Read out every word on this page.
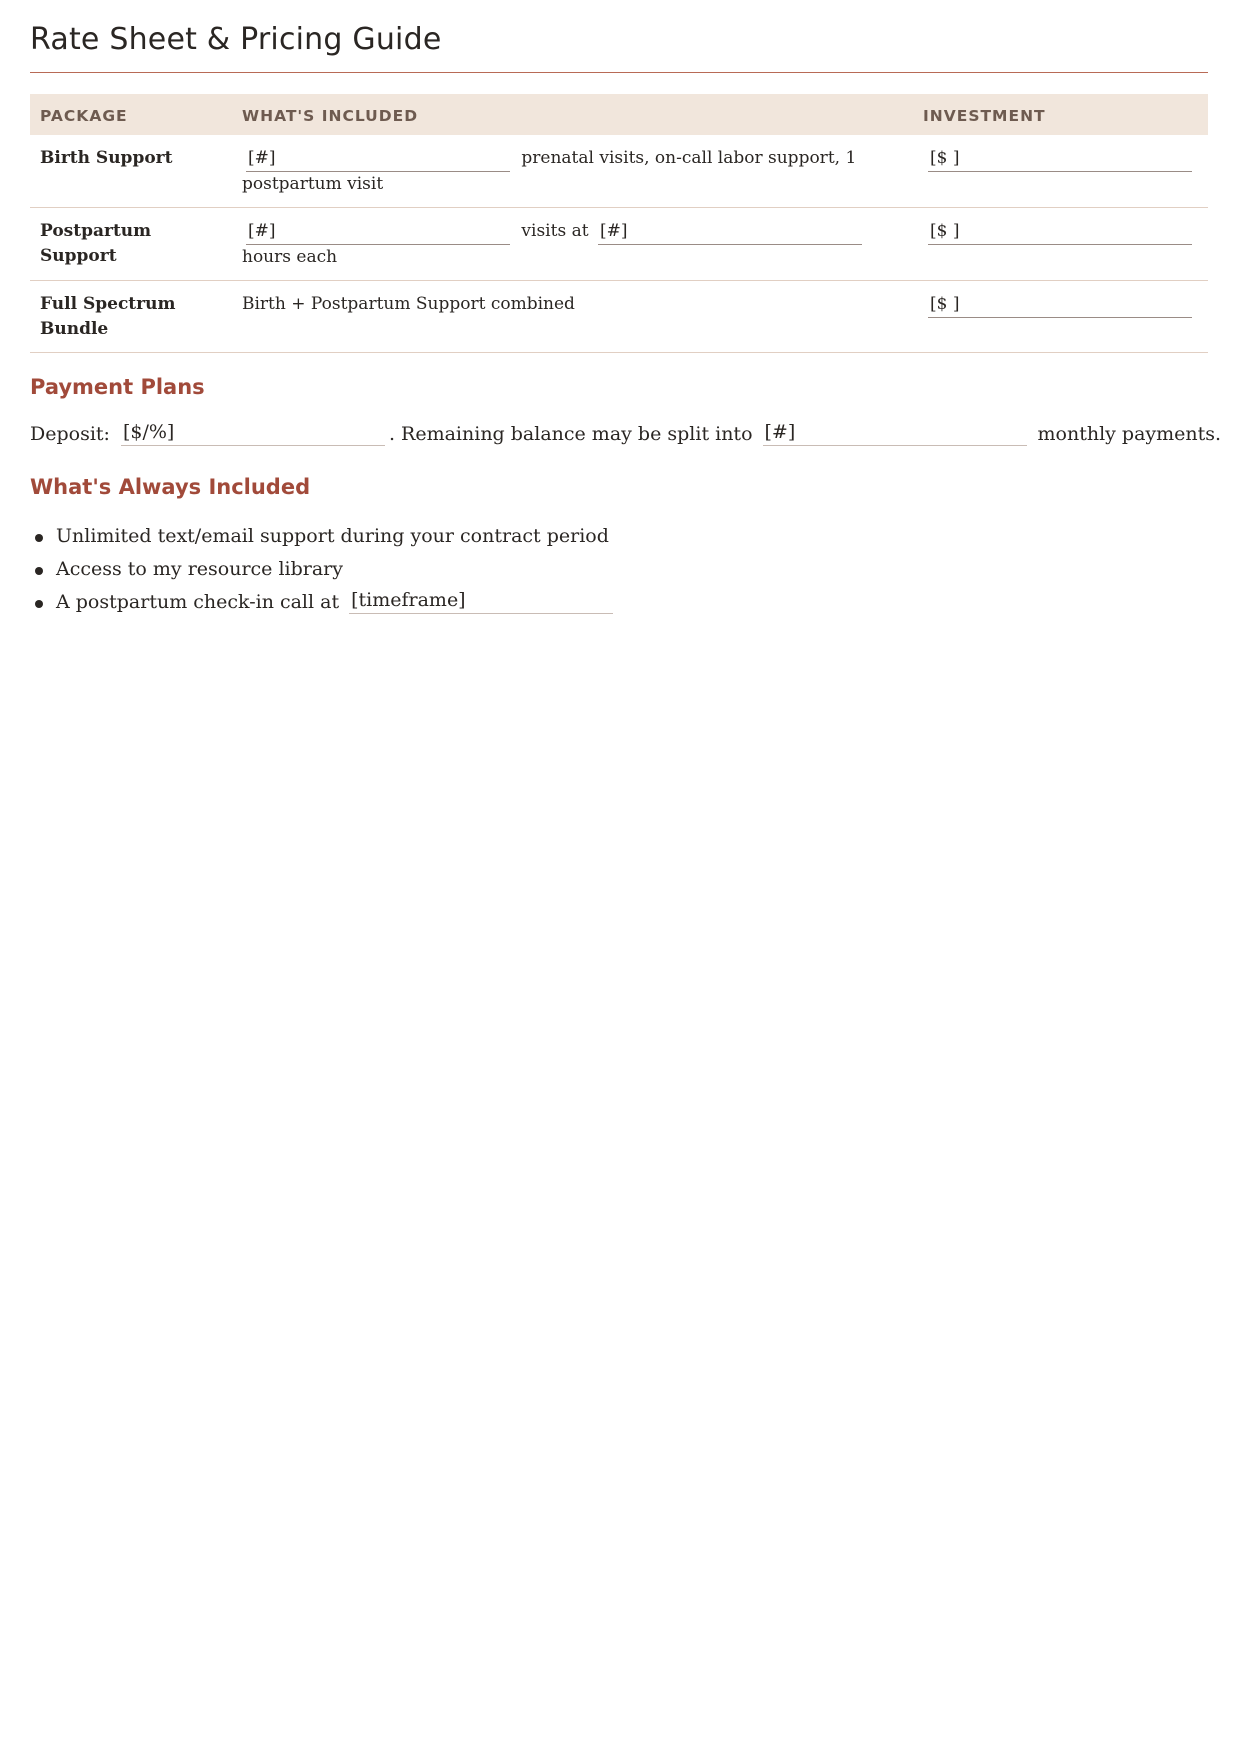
Rate Sheet & Pricing Guide
PACKAGE	WHAT'S INCLUDED	INVESTMENT
Birth Support	[#] prenatal visits, on-call labor support, 1 postpartum visit	[$ ]
Postpartum Support	[#] visits at [#] hours each	[$ ]
Full Spectrum Bundle	Birth + Postpartum Support combined	[$ ]
Payment Plans

Deposit: [$/%]	. Remaining balance may be split into [#]	monthly payments.

What's Always Included
Unlimited text/email support during your contract period
Access to my resource library
A postpartum check-in call at [timeframe]
